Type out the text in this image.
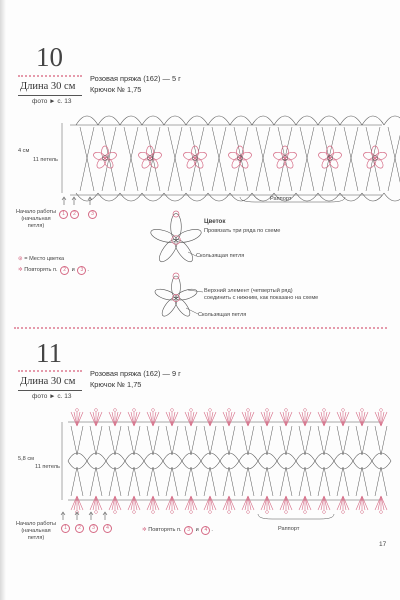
10
Длина 30 см
фото ► с. 13
Розовая пряжа (162) — 5 г
Крючок № 1,75
4 см
11 петель
Начало работы
(начальная петля)
1 2	3
Раппорт
⊛ = Место цветка
✲ Повторять п. 2 и 3 .
Цветок
Провязать три ряда по схеме
Скользящая петля
Верхний элемент (четвертый ряд)
соединить с нижним, как показано на схеме
Скользящая петля
11
Длина 30 см
фото ► с. 13
Розовая пряжа (162) — 9 г
Крючок № 1,75
5,8 см
11 петель
Начало работы
(начальная петля)
1 2 3 4	✲ Повторять п. 3 и 4 .	Раппорт
17
